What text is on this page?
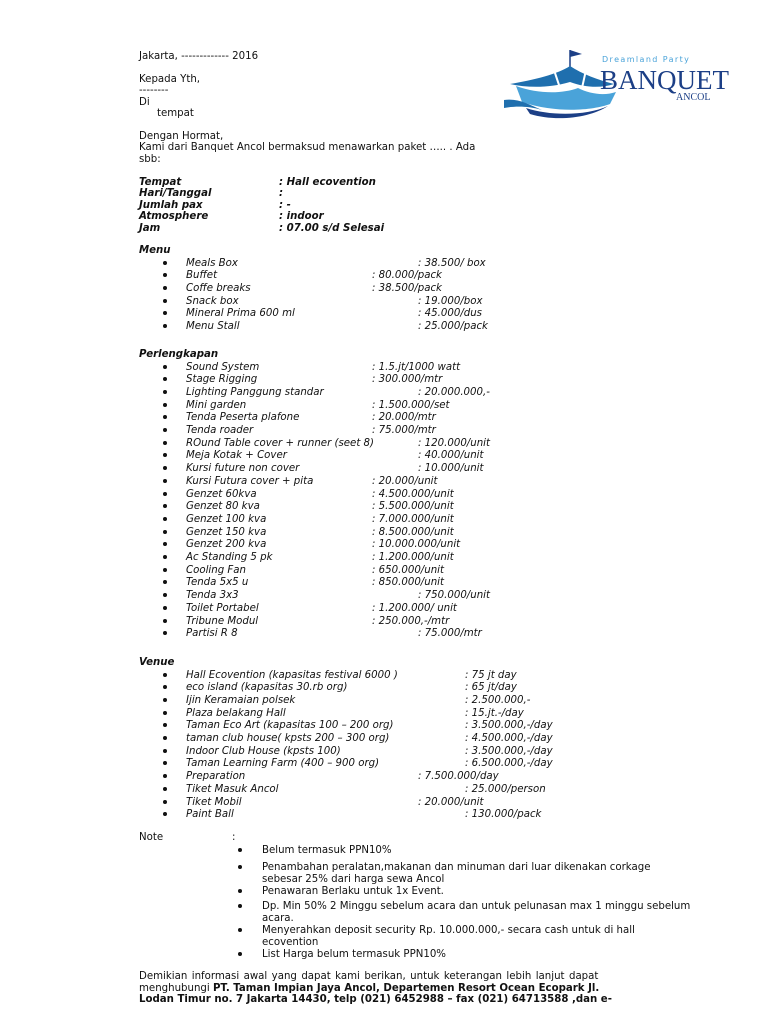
Dreamland Party
BANQUET
ANCOL
Jakarta, ------------- 2016
Kepada Yth,
--------
Di
tempat
Dengan Hormat,
Kami dari Banquet Ancol bermaksud menawarkan paket ….. . Ada
sbb:
Tempat	: Hall ecovention
Hari/Tanggal	:
Jumlah pax	: -
Atmosphere	: indoor
Jam	: 07.00 s/d Selesai
Menu
Meals Box	: 38.500/ box
Buffet	: 80.000/pack
Coffe breaks	: 38.500/pack
Snack box	: 19.000/box
Mineral Prima 600 ml	: 45.000/dus
Menu Stall	: 25.000/pack
Perlengkapan
Sound System	: 1.5.jt/1000 watt
Stage Rigging	: 300.000/mtr
Lighting Panggung standar	: 20.000.000,-
Mini garden	: 1.500.000/set
Tenda Peserta plafone	: 20.000/mtr
Tenda roader	: 75.000/mtr
ROund Table cover + runner (seet 8)	: 120.000/unit
Meja Kotak + Cover	: 40.000/unit
Kursi future non cover	: 10.000/unit
Kursi Futura cover + pita	: 20.000/unit
Genzet 60kva	: 4.500.000/unit
Genzet 80 kva	: 5.500.000/unit
Genzet 100 kva	: 7.000.000/unit
Genzet 150 kva	: 8.500.000/unit
Genzet 200 kva	: 10.000.000/unit
Ac Standing 5 pk	: 1.200.000/unit
Cooling Fan	: 650.000/unit
Tenda 5x5 u	: 850.000/unit
Tenda 3x3	: 750.000/unit
Toilet Portabel	: 1.200.000/ unit
Tribune Modul	: 250.000,-/mtr
Partisi R 8	: 75.000/mtr
Venue
Hall Ecovention (kapasitas festival 6000 )	: 75 jt day
eco island (kapasitas 30.rb org)	: 65 jt/day
Ijin Keramaian polsek	: 2.500.000,-
Plaza belakang Hall	: 15.jt.-/day
Taman Eco Art (kapasitas 100 – 200 org)	: 3.500.000,-/day
taman club house( kpsts 200 – 300 org)	: 4.500.000,-/day
Indoor Club House (kpsts 100)	: 3.500.000,-/day
Taman Learning Farm (400 – 900 org)	: 6.500.000,-/day
Preparation	: 7.500.000/day
Tiket Masuk Ancol	: 25.000/person
Tiket Mobil	: 20.000/unit
Paint Ball	: 130.000/pack
Note	:
Belum termasuk PPN10%
Penambahan peralatan,makanan dan minuman dari luar dikenakan corkage
sebesar 25% dari harga sewa Ancol
Penawaran Berlaku untuk 1x Event.
Dp. Min 50% 2 Minggu sebelum acara dan untuk pelunasan max 1 minggu sebelum
acara.
Menyerahkan deposit security Rp. 10.000.000,- secara cash untuk di hall
ecovention
List Harga belum termasuk PPN10%
Demikian informasi awal yang dapat kami berikan, untuk keterangan lebih lanjut dapat
menghubungi PT. Taman Impian Jaya Ancol, Departemen Resort Ocean Ecopark Jl.
Lodan Timur no. 7 Jakarta 14430, telp (021) 6452988 – fax (021) 64713588 ,dan e-
